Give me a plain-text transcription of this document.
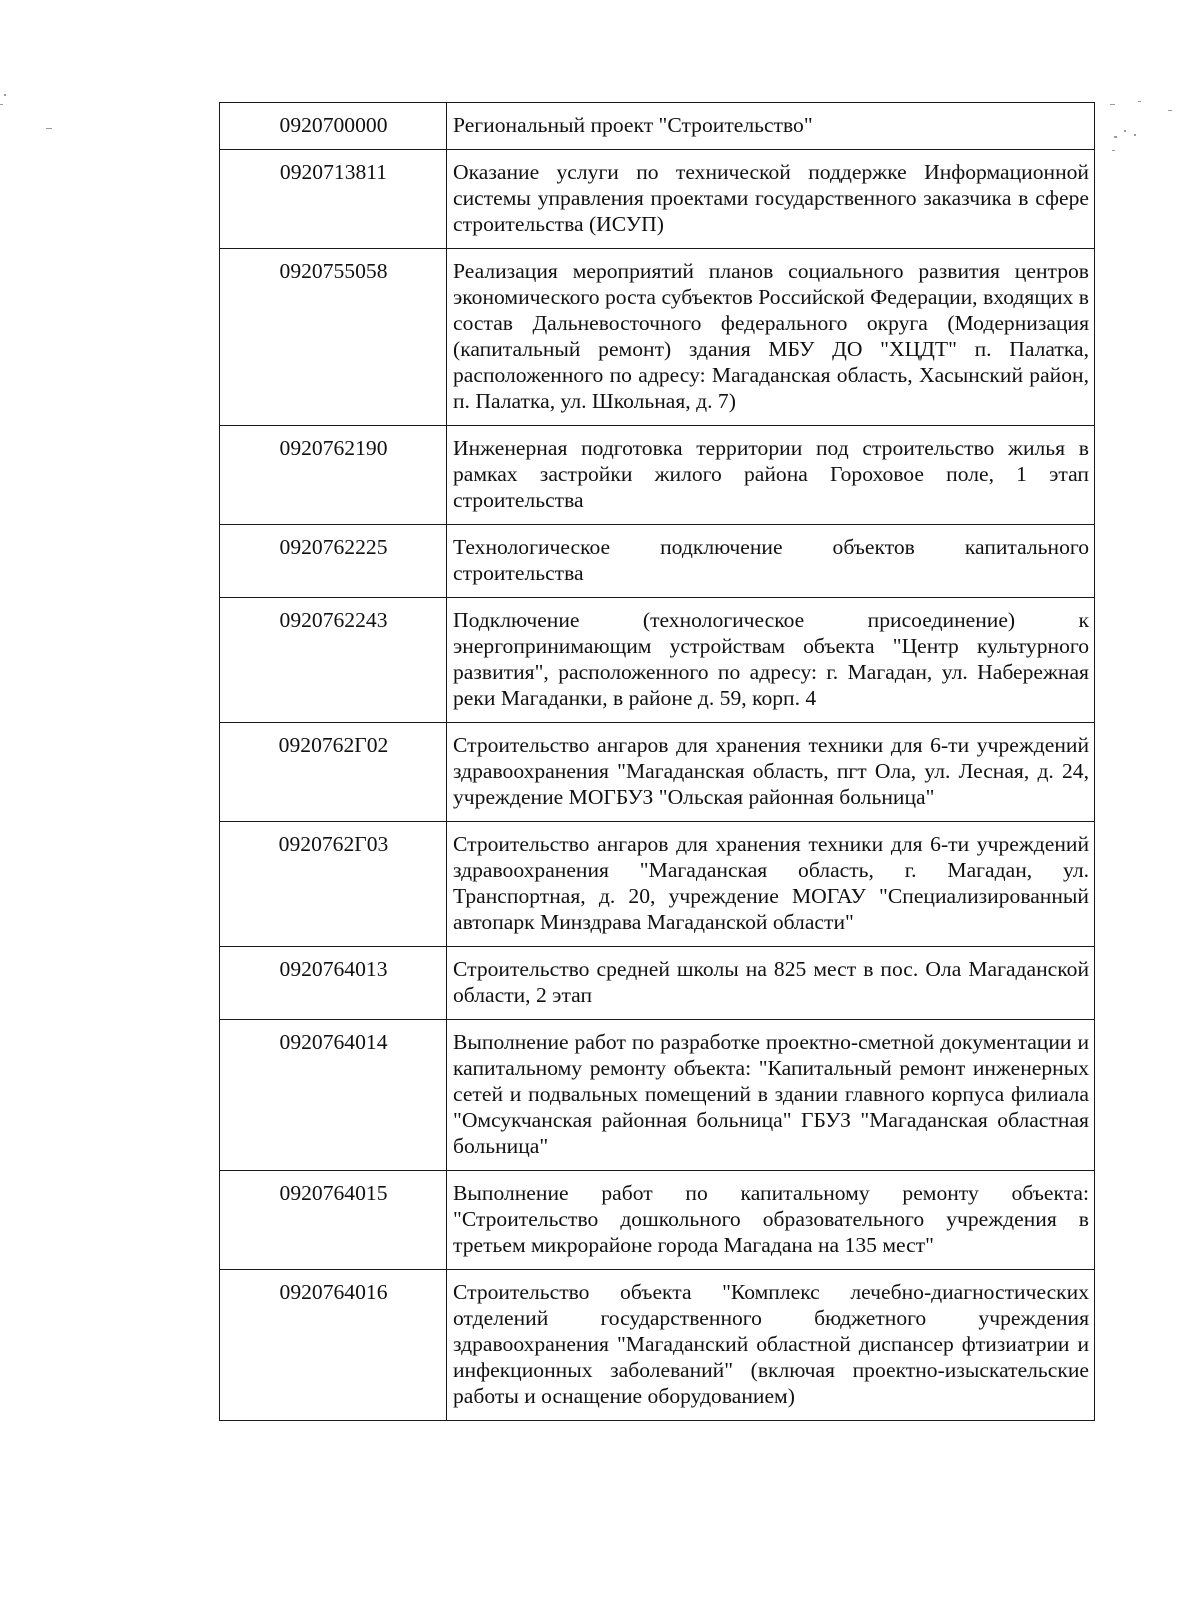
0920700000	Региональный проект "Строительство"
0920713811	Оказание услуги по технической поддержке Информационной системы управления проектами государственного заказчика в сфере строительства (ИСУП)
0920755058	Реализация мероприятий планов социального развития центров экономического роста субъектов Российской Федерации, входящих в состав Дальневосточного федерального округа (Модернизация (капитальный ремонт) здания МБУ ДО "ХЦДТ" п. Палатка, расположенного по адресу: Магаданская область, Хасынский район, п. Палатка, ул. Школьная, д. 7)
0920762190	Инженерная подготовка территории под строительство жилья в рамках застройки жилого района Гороховое поле, 1 этап строительства
0920762225	Технологическое подключение объектов капитального строительства
0920762243	Подключение (технологическое присоединение) к энергопринимающим устройствам объекта "Центр культурного развития", расположенного по адресу: г. Магадан, ул. Набережная реки Магаданки, в районе д. 59, корп. 4
0920762Г02	Строительство ангаров для хранения техники для 6-ти учреждений здравоохранения "Магаданская область, пгт Ола, ул. Лесная, д. 24, учреждение МОГБУЗ "Ольская районная больница"
0920762Г03	Строительство ангаров для хранения техники для 6-ти учреждений здравоохранения "Магаданская область, г. Магадан, ул. Транспортная, д. 20, учреждение МОГАУ "Специализированный автопарк Минздрава Магаданской области"
0920764013	Строительство средней школы на 825 мест в пос. Ола Магаданской области, 2 этап
0920764014	Выполнение работ по разработке проектно-сметной документации и капитальному ремонту объекта: "Капитальный ремонт инженерных сетей и подвальных помещений в здании главного корпуса филиала "Омсукчанская районная больница" ГБУЗ "Магаданская областная больница"
0920764015	Выполнение работ по капитальному ремонту объекта: "Строительство дошкольного образовательного учреждения в третьем микрорайоне города Магадана на 135 мест"
0920764016	Строительство объекта "Комплекс лечебно-диагностических отделений государственного бюджетного учреждения здравоохранения "Магаданский областной диспансер фтизиатрии и инфекционных заболеваний" (включая проектно-изыскательские работы и оснащение оборудованием)
